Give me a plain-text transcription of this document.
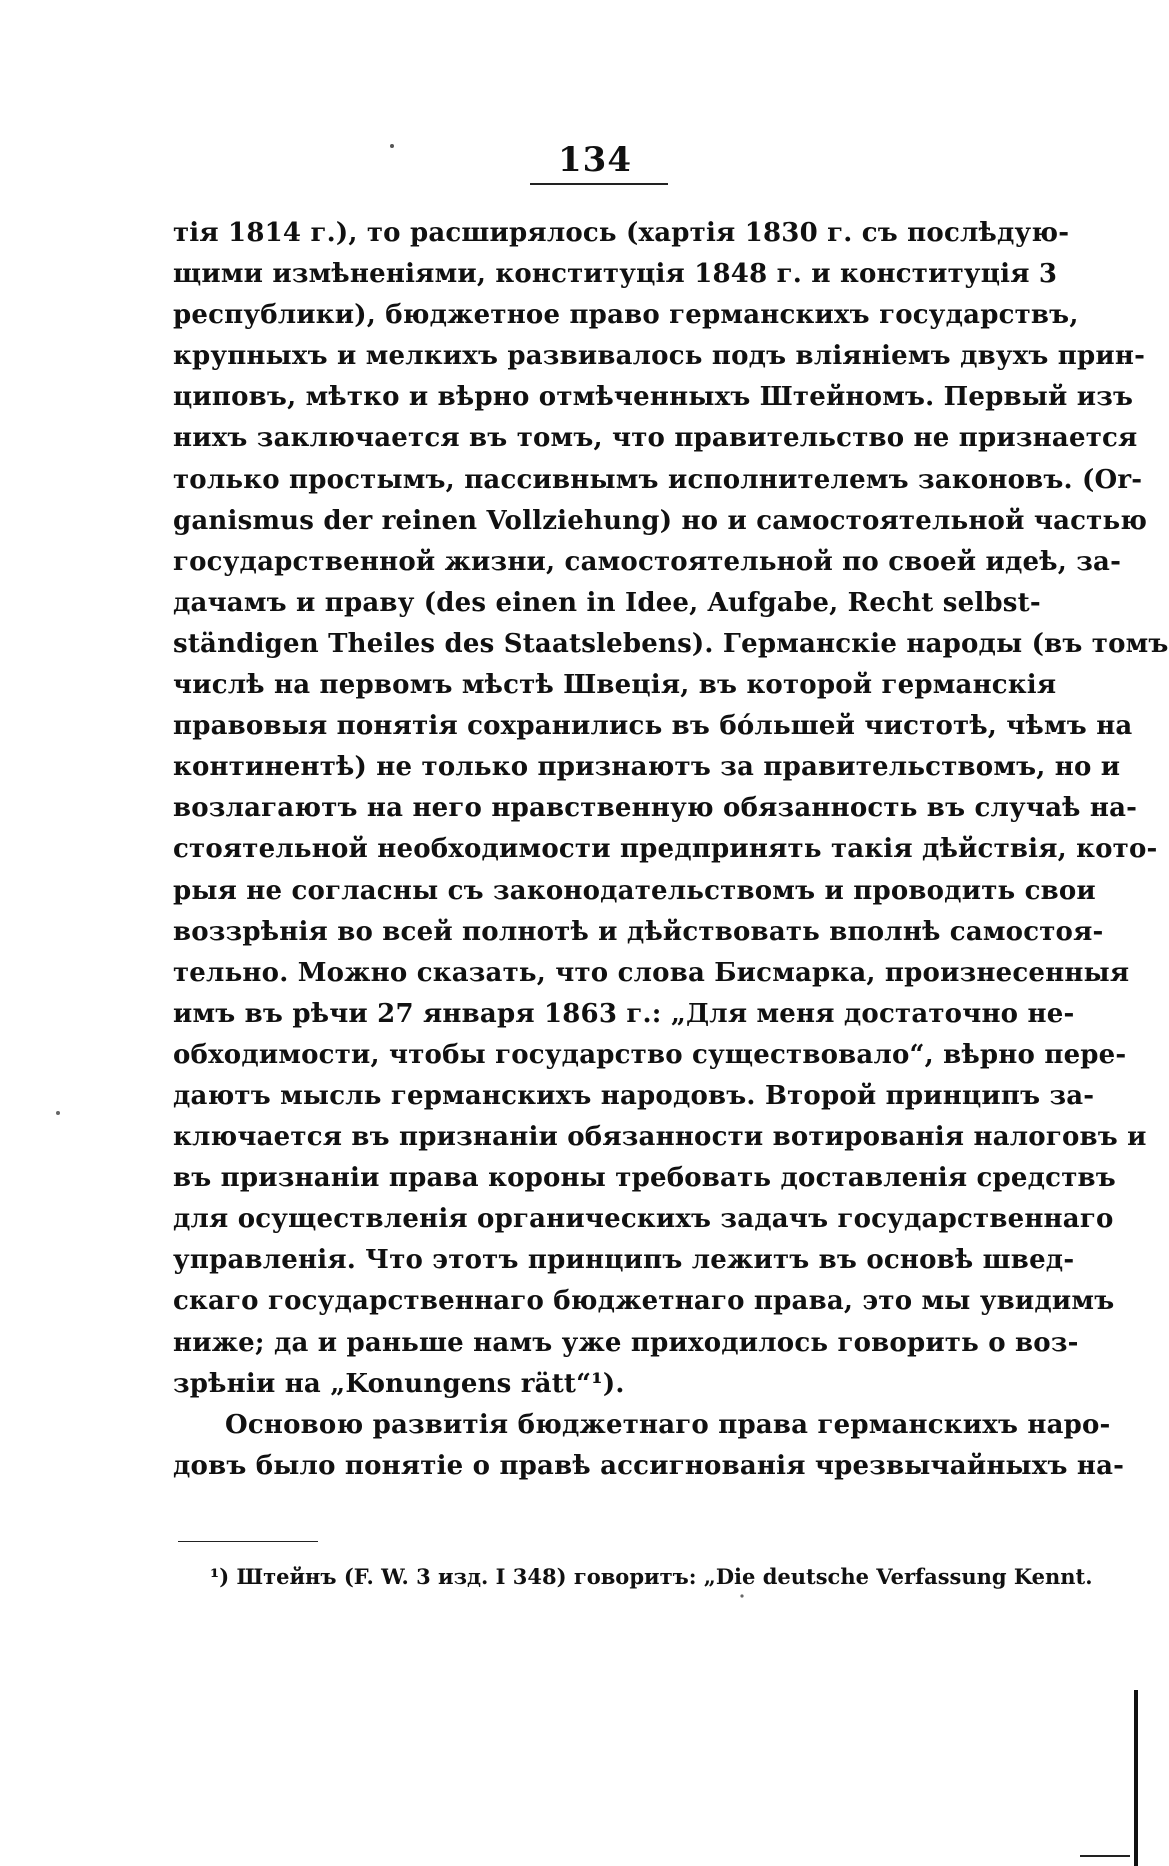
134
тія 1814 г.), то расширялось (хартія 1830 г. съ послѣдую-
щими измѣненіями, конституція 1848 г. и конституція 3
республики), бюджетное право германскихъ государствъ,
крупныхъ и мелкихъ развивалось подъ вліяніемъ двухъ прин-
циповъ, мѣтко и вѣрно отмѣченныхъ Штейномъ. Первый изъ
нихъ заключается въ томъ, что правительство не признается
только простымъ, пассивнымъ исполнителемъ законовъ. (Or-
ganismus der reinen Vollziehung) но и самостоятельной частью
государственной жизни, самостоятельной по своей идеѣ, за-
дачамъ и праву (des einen in Idee, Aufgabe, Recht selbst-
ständigen Theiles des Staatslebens). Германскіе народы (въ томъ
числѣ на первомъ мѣстѣ Швеція, въ которой германскія
правовыя понятія сохранились въ бо́льшей чистотѣ, чѣмъ на
континентѣ) не только признаютъ за правительствомъ, но и
возлагаютъ на него нравственную обязанность въ случаѣ на-
стоятельной необходимости предпринять такія дѣйствія, кото-
рыя не согласны съ законодательствомъ и проводить свои
воззрѣнія во всей полнотѣ и дѣйствовать вполнѣ самостоя-
тельно. Можно сказать, что слова Бисмарка, произнесенныя
имъ въ рѣчи 27 января 1863 г.: „Для меня достаточно не-
обходимости, чтобы государство существовало“, вѣрно пере-
даютъ мысль германскихъ народовъ. Второй принципъ за-
ключается въ признаніи обязанности вотированія налоговъ и
въ признаніи права короны требовать доставленія средствъ
для осуществленія органическихъ задачъ государственнаго
управленія. Что этотъ принципъ лежитъ въ основѣ швед-
скаго государственнаго бюджетнаго права, это мы увидимъ
ниже; да и раньше намъ уже приходилось говорить о воз-
зрѣніи на „Konungens rätt“¹).
Основою развитія бюджетнаго права германскихъ наро-
довъ было понятіе о правѣ ассигнованія чрезвычайныхъ на-
¹) Штейнъ (F. W. 3 изд. I 348) говоритъ: „Die deutsche Verfassung Kennt.
